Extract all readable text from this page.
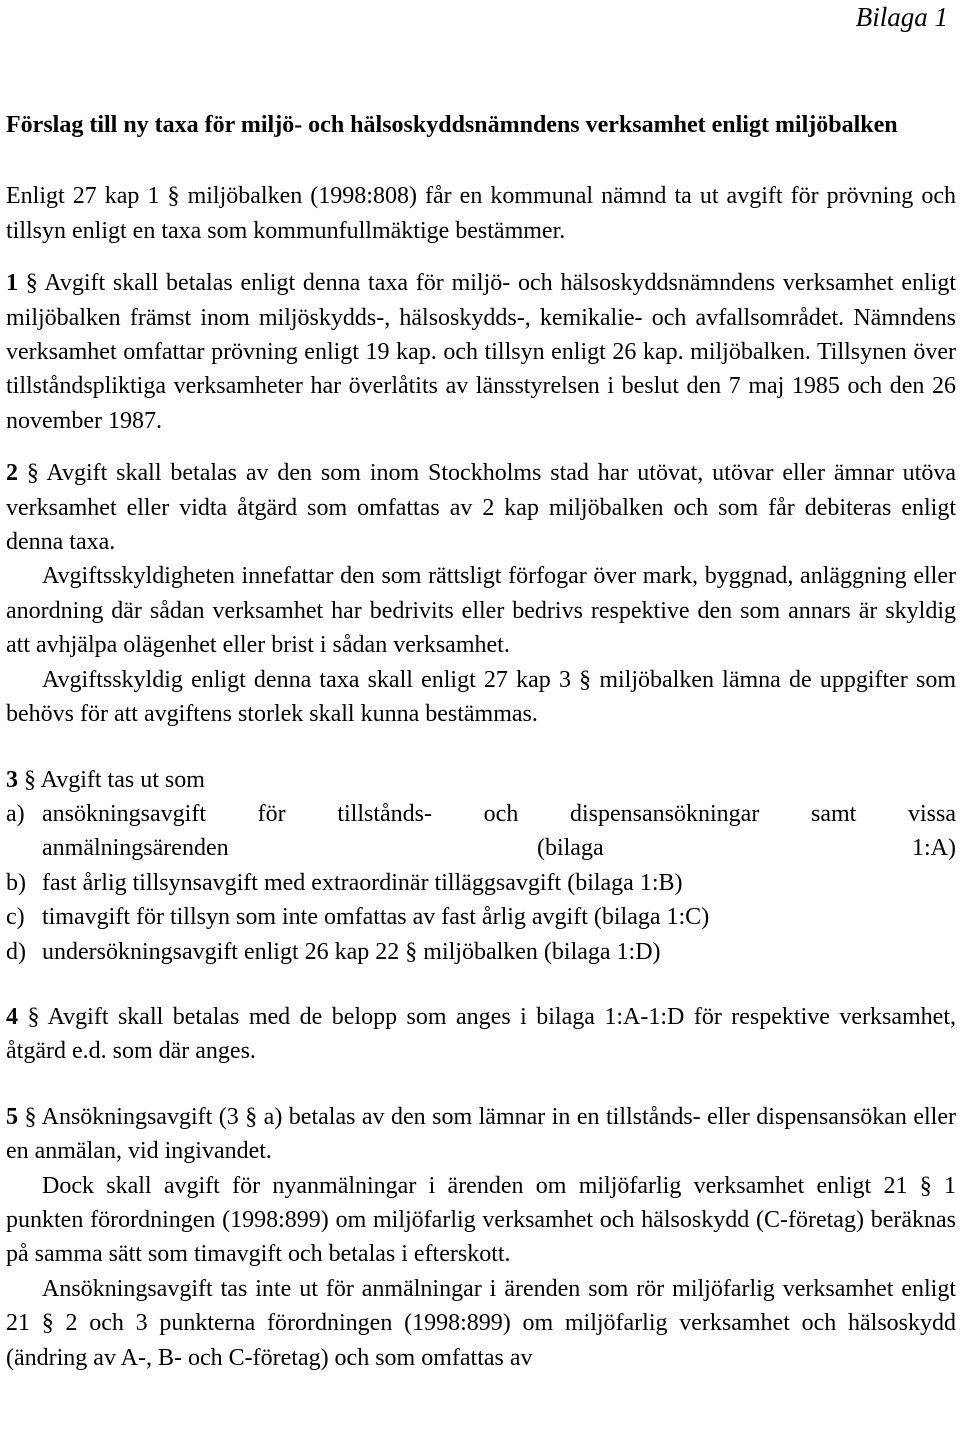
Bilaga 1

Förslag till ny taxa för miljö- och hälsoskyddsnämndens verksamhet enligt miljöbalken

Enligt 27 kap 1 § miljöbalken (1998:808) får en kommunal nämnd ta ut avgift för prövning och tillsyn enligt en taxa som kommunfullmäktige bestämmer.

1 § Avgift skall betalas enligt denna taxa för miljö- och hälsoskyddsnämndens verksamhet enligt miljöbalken främst inom miljöskydds-, hälsoskydds-, kemikalie- och avfallsområdet. Nämndens verksamhet omfattar prövning enligt 19 kap. och tillsyn enligt 26 kap. miljöbalken. Tillsynen över tillståndspliktiga verksamheter har överlåtits av länsstyrelsen i beslut den 7 maj 1985 och den 26 november 1987.

2 § Avgift skall betalas av den som inom Stockholms stad har utövat, utövar eller ämnar utöva verksamhet eller vidta åtgärd som omfattas av 2 kap miljöbalken och som får debiteras enligt denna taxa.

Avgiftsskyldigheten innefattar den som rättsligt förfogar över mark, byggnad, anläggning eller anordning där sådan verksamhet har bedrivits eller bedrivs respektive den som annars är skyldig att avhjälpa olägenhet eller brist i sådan verksamhet.

Avgiftsskyldig enligt denna taxa skall enligt 27 kap 3 § miljöbalken lämna de uppgifter som behövs för att avgiftens storlek skall kunna bestämmas.

3 § Avgift tas ut som

a) ansökningsavgift för tillstånds- och dispensansökningar samt vissa
anmälningsärenden (bilaga 1:A)
b) fast årlig tillsynsavgift med extraordinär tilläggsavgift (bilaga 1:B)
c) timavgift för tillsyn som inte omfattas av fast årlig avgift (bilaga 1:C)
d) undersökningsavgift enligt 26 kap 22 § miljöbalken (bilaga 1:D)

4 § Avgift skall betalas med de belopp som anges i bilaga 1:A-1:D för respektive verksamhet, åtgärd e.d. som där anges.

5 § Ansökningsavgift (3 § a) betalas av den som lämnar in en tillstånds- eller dispensansökan eller en anmälan, vid ingivandet.

Dock skall avgift för nyanmälningar i ärenden om miljöfarlig verksamhet enligt 21 § 1 punkten förordningen (1998:899) om miljöfarlig verksamhet och hälsoskydd (C-företag) beräknas på samma sätt som timavgift och betalas i efterskott.

Ansökningsavgift tas inte ut för anmälningar i ärenden som rör miljöfarlig verksamhet enligt 21 § 2 och 3 punkterna förordningen (1998:899) om miljöfarlig verksamhet och hälsoskydd (ändring av A-, B- och C-företag) och som omfattas av
